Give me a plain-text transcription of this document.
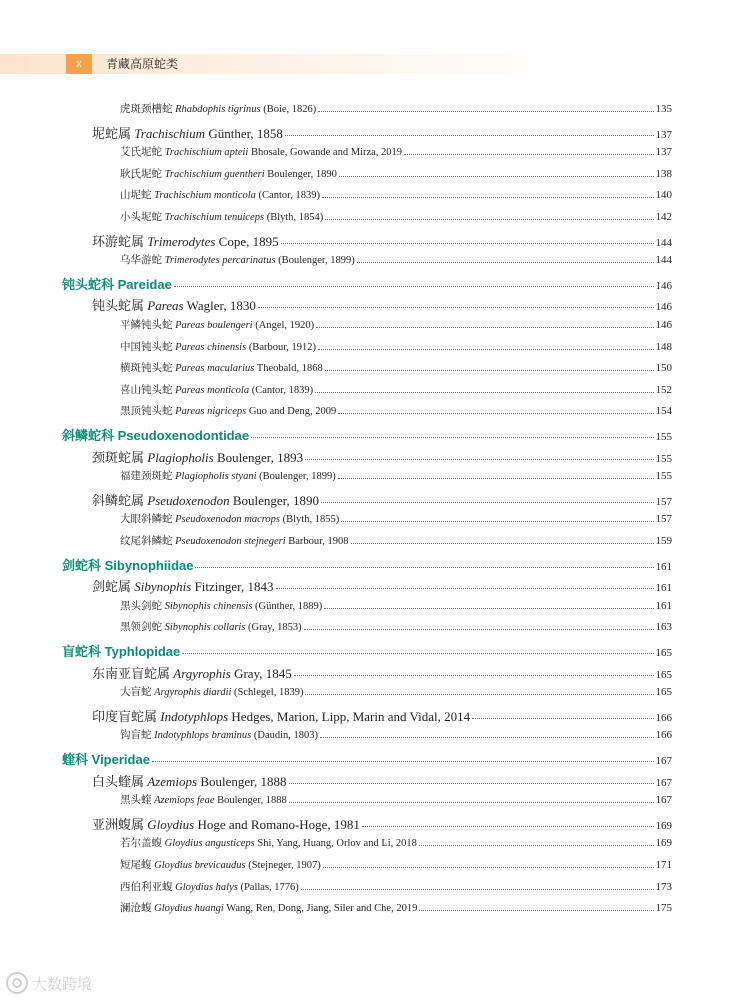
x	青藏高原蛇类
虎斑颈槽蛇 Rhabdophis tigrinus (Boie, 1826)	135
坭蛇属 Trachischium Günther, 1858	137
艾氏坭蛇 Trachischium apteii Bhosale, Gowande and Mirza, 2019	137
耿氏坭蛇 Trachischium guentheri Boulenger, 1890	138
山坭蛇 Trachischium monticola (Cantor, 1839)	140
小头坭蛇 Trachischium tenuiceps (Blyth, 1854)	142
环游蛇属 Trimerodytes Cope, 1895	144
乌华游蛇 Trimerodytes percarinatus (Boulenger, 1899)	144
钝头蛇科 Pareidae	146
钝头蛇属 Pareas Wagler, 1830	146
平鳞钝头蛇 Pareas boulengeri (Angel, 1920)	146
中国钝头蛇 Pareas chinensis (Barbour, 1912)	148
横斑钝头蛇 Pareas macularius Theobald, 1868	150
喜山钝头蛇 Pareas monticola (Cantor, 1839)	152
黑顶钝头蛇 Pareas nigriceps Guo and Deng, 2009	154
斜鳞蛇科 Pseudoxenodontidae	155
颈斑蛇属 Plagiopholis Boulenger, 1893	155
福建颈斑蛇 Plagiopholis styani (Boulenger, 1899)	155
斜鳞蛇属 Pseudoxenodon Boulenger, 1890	157
大眼斜鳞蛇 Pseudoxenodon macrops (Blyth, 1855)	157
纹尾斜鳞蛇 Pseudoxenodon stejnegeri Barbour, 1908	159
剑蛇科 Sibynophiidae	161
剑蛇属 Sibynophis Fitzinger, 1843	161
黑头剑蛇 Sibynophis chinensis (Günther, 1889)	161
黑领剑蛇 Sibynophis collaris (Gray, 1853)	163
盲蛇科 Typhlopidae	165
东南亚盲蛇属 Argyrophis Gray, 1845	165
大盲蛇 Argyrophis diardii (Schlegel, 1839)	165
印度盲蛇属 Indotyphlops Hedges, Marion, Lipp, Marin and Vidal, 2014	166
钩盲蛇 Indotyphlops braminus (Daudin, 1803)	166
蝰科 Viperidae	167
白头蝰属 Azemiops Boulenger, 1888	167
黑头蝰 Azemiops feae Boulenger, 1888	167
亚洲蝮属 Gloydius Hoge and Romano-Hoge, 1981	169
若尔盖蝮 Gloydius angusticeps Shi, Yang, Huang, Orlov and Li, 2018	169
短尾蝮 Gloydius brevicaudus (Stejneger, 1907)	171
西伯利亚蝮 Gloydius halys (Pallas, 1776)	173
澜沧蝮 Gloydius huangi Wang, Ren, Dong, Jiang, Siler and Che, 2019	175
大数跨境
